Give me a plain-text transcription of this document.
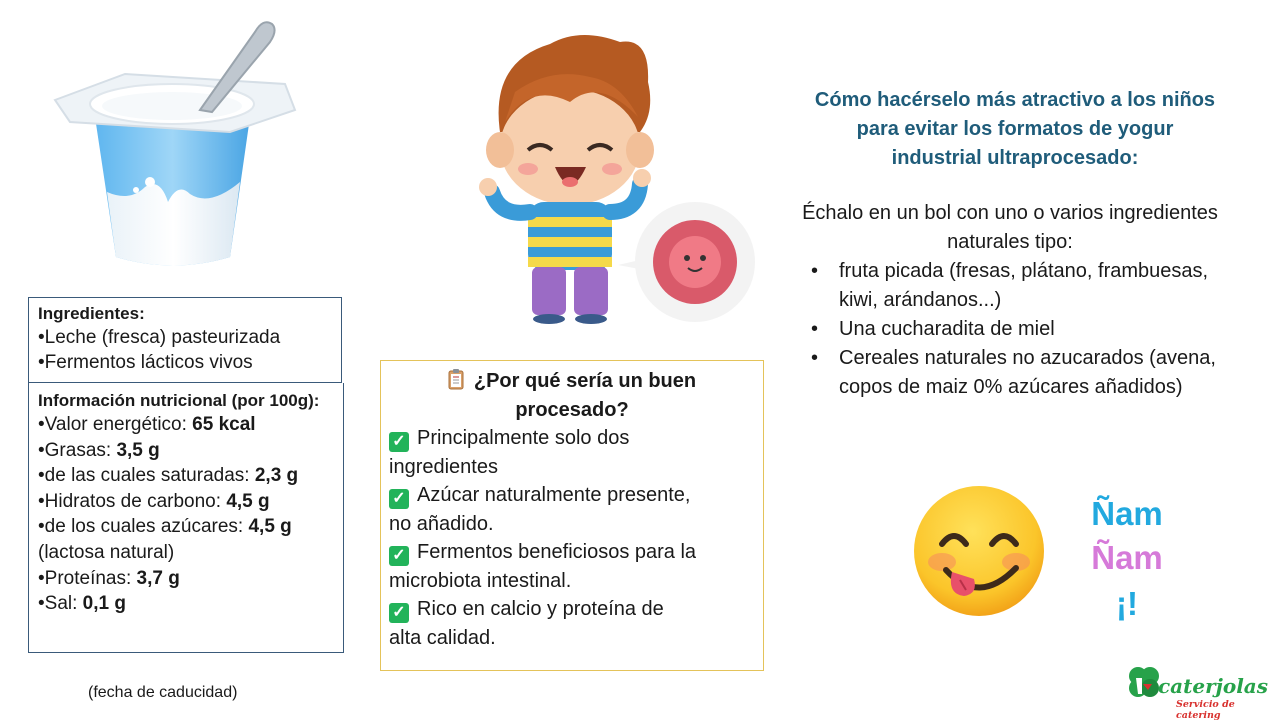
Ingredientes:
•Leche (fresca) pasteurizada
•Fermentos lácticos vivos
Información nutricional (por 100g):
•Valor energético: 65 kcal
•Grasas: 3,5 g
•de las cuales saturadas: 2,3 g
•Hidratos de carbono: 4,5 g
•de los cuales azúcares: 4,5 g
(lactosa natural)
•Proteínas: 3,7 g
•Sal: 0,1 g
(fecha de caducidad)
¿Por qué sería un buen
procesado?
✓ Principalmente solo dos
ingredientes
✓ Azúcar naturalmente presente,
no añadido.
✓ Fermentos beneficiosos para la
microbiota intestinal.
✓ Rico en calcio y proteína de
alta calidad.
Cómo hacérselo más atractivo a los niños para evitar los formatos de yogur industrial ultraprocesado:
Échalo en un bol con uno o varios ingredientes naturales tipo:
• fruta picada (fresas, plátano, frambuesas, kiwi, arándanos...)
• Una cucharadita de miel
• Cereales naturales no azucarados (avena, copos de maiz 0% azúcares añadidos)
Ñam
Ñam
¡!
caterjolas
Servicio de catering
